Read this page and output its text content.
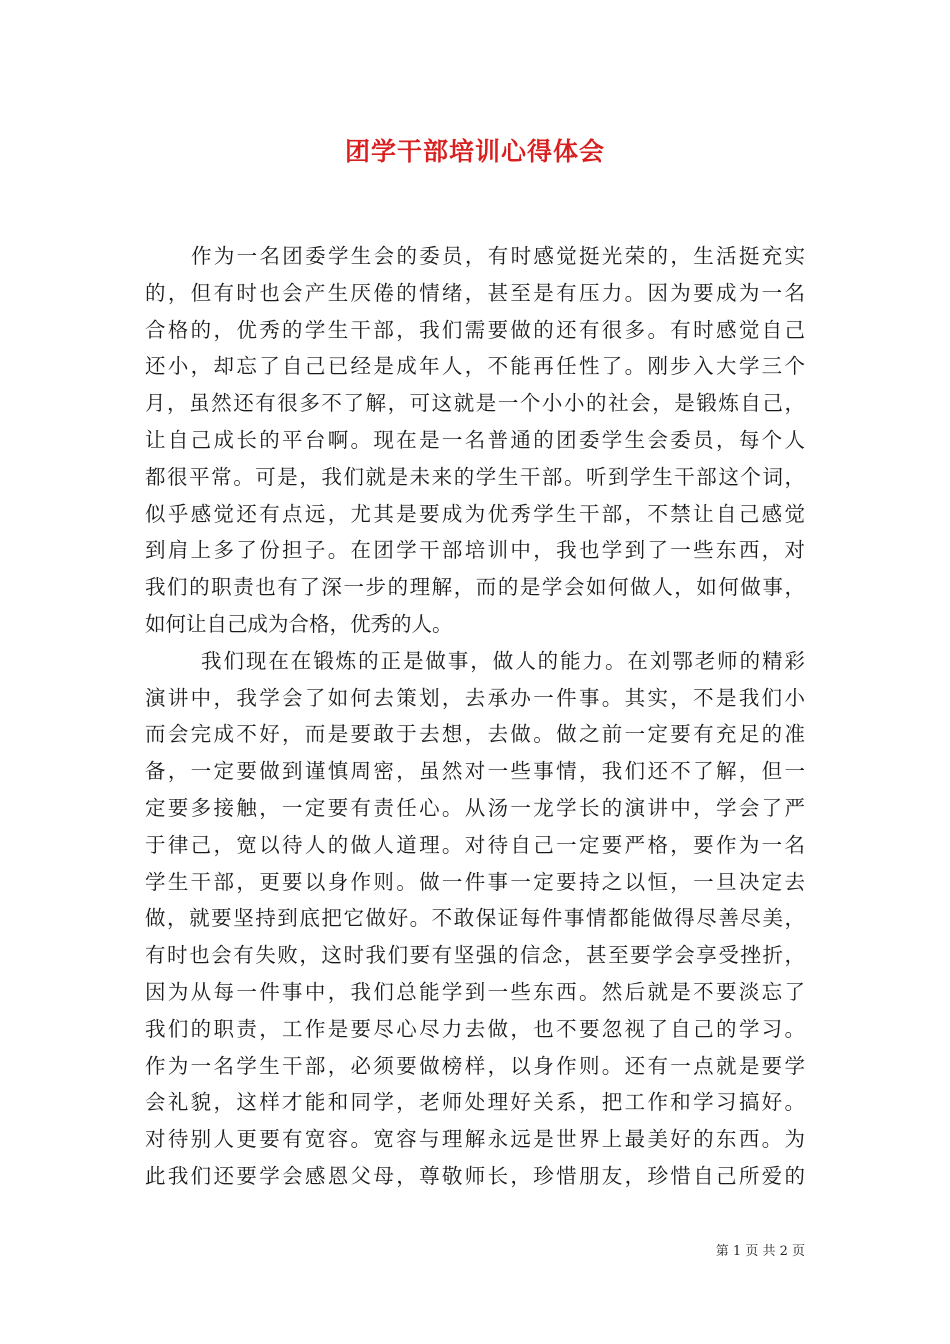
团学干部培训心得体会
作为一名团委学生会的委员，有时感觉挺光荣的，生活挺充实
的，但有时也会产生厌倦的情绪，甚至是有压力。因为要成为一名
合格的，优秀的学生干部，我们需要做的还有很多。有时感觉自己
还小，却忘了自己已经是成年人，不能再任性了。刚步入大学三个
月，虽然还有很多不了解，可这就是一个小小的社会，是锻炼自己，
让自己成长的平台啊。现在是一名普通的团委学生会委员，每个人
都很平常。可是，我们就是未来的学生干部。听到学生干部这个词，
似乎感觉还有点远，尤其是要成为优秀学生干部，不禁让自己感觉
到肩上多了份担子。在团学干部培训中，我也学到了一些东西，对
我们的职责也有了深一步的理解，而的是学会如何做人，如何做事，
如何让自己成为合格，优秀的人。
我们现在在锻炼的正是做事，做人的能力。在刘鄂老师的精彩
演讲中，我学会了如何去策划，去承办一件事。其实，不是我们小
而会完成不好，而是要敢于去想，去做。做之前一定要有充足的准
备，一定要做到谨慎周密，虽然对一些事情，我们还不了解，但一
定要多接触，一定要有责任心。从汤一龙学长的演讲中，学会了严
于律己，宽以待人的做人道理。对待自己一定要严格，要作为一名
学生干部，更要以身作则。做一件事一定要持之以恒，一旦决定去
做，就要坚持到底把它做好。不敢保证每件事情都能做得尽善尽美，
有时也会有失败，这时我们要有坚强的信念，甚至要学会享受挫折，
因为从每一件事中，我们总能学到一些东西。然后就是不要淡忘了
我们的职责，工作是要尽心尽力去做，也不要忽视了自己的学习。
作为一名学生干部，必须要做榜样，以身作则。还有一点就是要学
会礼貌，这样才能和同学，老师处理好关系，把工作和学习搞好。
对待别人更要有宽容。宽容与理解永远是世界上最美好的东西。为
此我们还要学会感恩父母，尊敬师长，珍惜朋友，珍惜自己所爱的
第 1 页 共 2 页
